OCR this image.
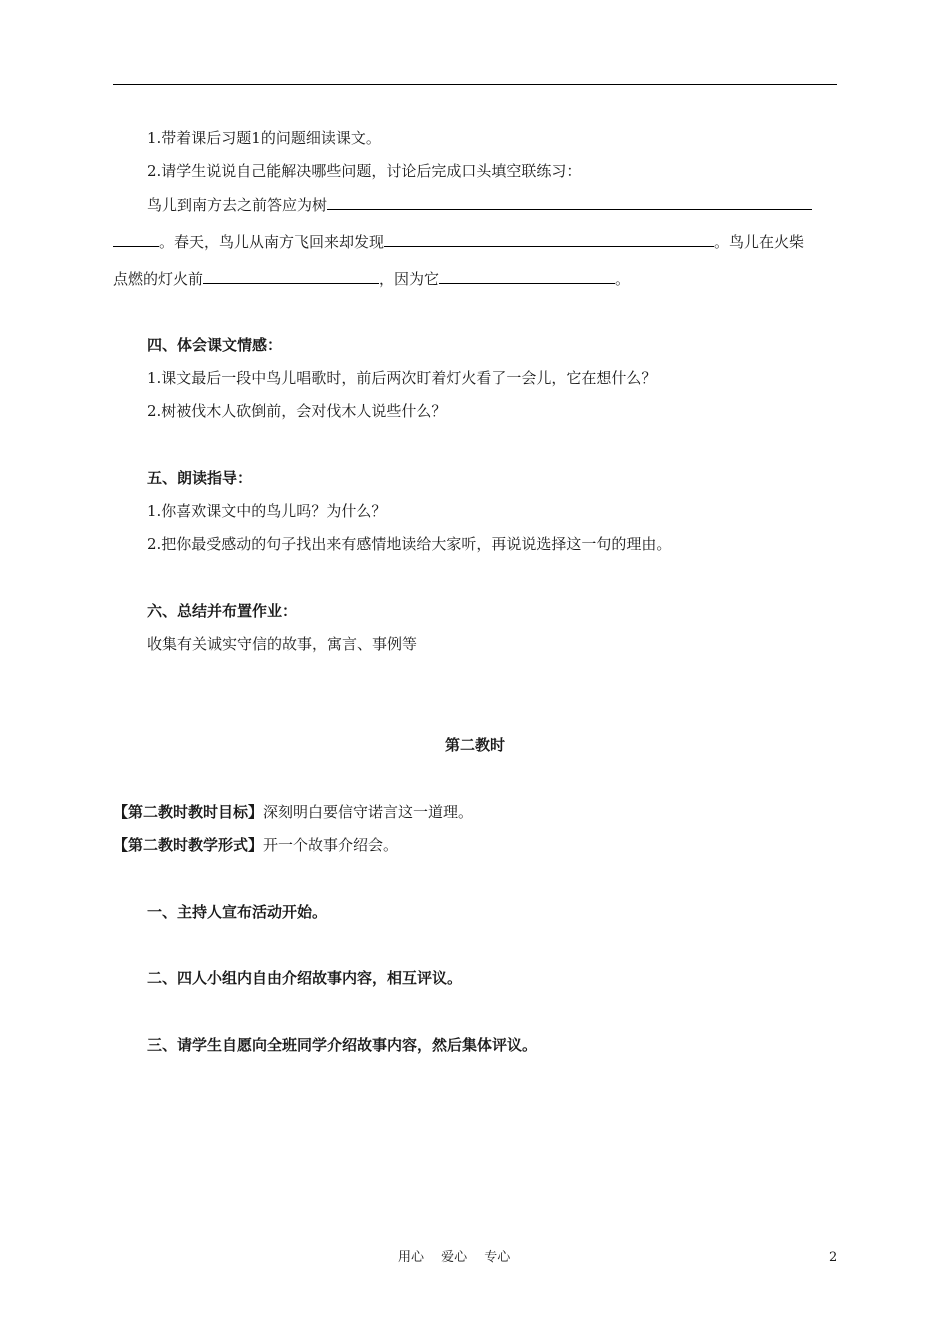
1.带着课后习题1的问题细读课文。
2.请学生说说自己能解决哪些问题，讨论后完成口头填空联练习：
鸟儿到南方去之前答应为树
。春天，鸟儿从南方飞回来却发现	。鸟儿在火柴
点燃的灯火前	，因为它	。
四、体会课文情感：
1.课文最后一段中鸟儿唱歌时，前后两次盯着灯火看了一会儿，它在想什么？
2.树被伐木人砍倒前，会对伐木人说些什么？
五、朗读指导：
1.你喜欢课文中的鸟儿吗？为什么？
2.把你最受感动的句子找出来有感情地读给大家听，再说说选择这一句的理由。
六、总结并布置作业：
收集有关诚实守信的故事，寓言、事例等
第二教时
【第二教时教时目标】深刻明白要信守诺言这一道理。
【第二教时教学形式】开一个故事介绍会。
一、主持人宣布活动开始。
二、四人小组内自由介绍故事内容，相互评议。
三、请学生自愿向全班同学介绍故事内容，然后集体评议。
用心 　爱心 　专心	2
